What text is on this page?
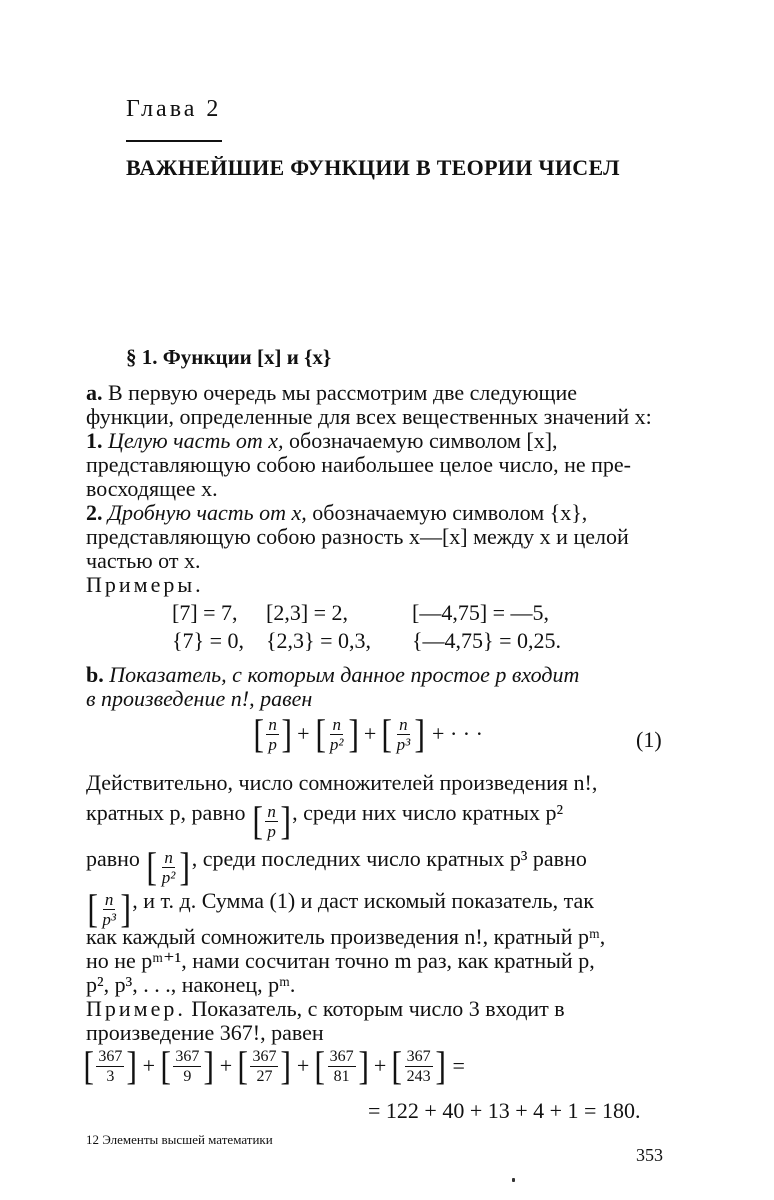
Глава 2
ВАЖНЕЙШИЕ ФУНКЦИИ В ТЕОРИИ ЧИСЕЛ
§ 1. Функции [x] и {x}
a. В первую очередь мы рассмотрим две следующие
функции, определенные для всех вещественных значений x:
1. Целую часть от x, обозначаемую символом [x],
представляющую собою наибольшее целое число, не пре-
восходящее x.
2. Дробную часть от x, обозначаемую символом {x},
представляющую собою разность x—[x] между x и целой
частью от x.
Примеры.
[7] = 7, [2,3] = 2,	[—4,75] = —5,
{7} = 0, {2,3} = 0,3, {—4,75} = 0,25.
b. Показатель, с которым данное простое p входит
в произведение n!, равен
[ $\frac{n}{p}$ ] + [ $\frac{n}{\text{p²}}$ ] + [ $\frac{n}{\text{p³}}$ ] + · · ·	(1)
Действительно, число сомножителей произведения n!,
кратных p, равно [ $\frac{n}{p}$ ] , среди них число кратных p²
равно [ $\frac{n}{\text{p²}}$ ] , среди последних число кратных p³ равно
[ $\frac{n}{\text{p³}}$ ] , и т. д. Сумма (1) и даст искомый показатель, так
как каждый сомножитель произведения n!, кратный pᵐ,
но не pᵐ⁺¹, нами сосчитан точно m раз, как кратный p,
p², p³, . . ., наконец, pᵐ.
Пример. Показатель, с которым число 3 входит в
произведение 367!, равен
[ $\frac{367}{3}$ ] + [ $\frac{367}{9}$ ] + [ $\frac{367}{27}$ ] + [ $\frac{367}{81}$ ] + [ $\frac{367}{243}$ ] =
= 122 + 40 + 13 + 4 + 1 = 180.
12 Элементы высшей математики
353
